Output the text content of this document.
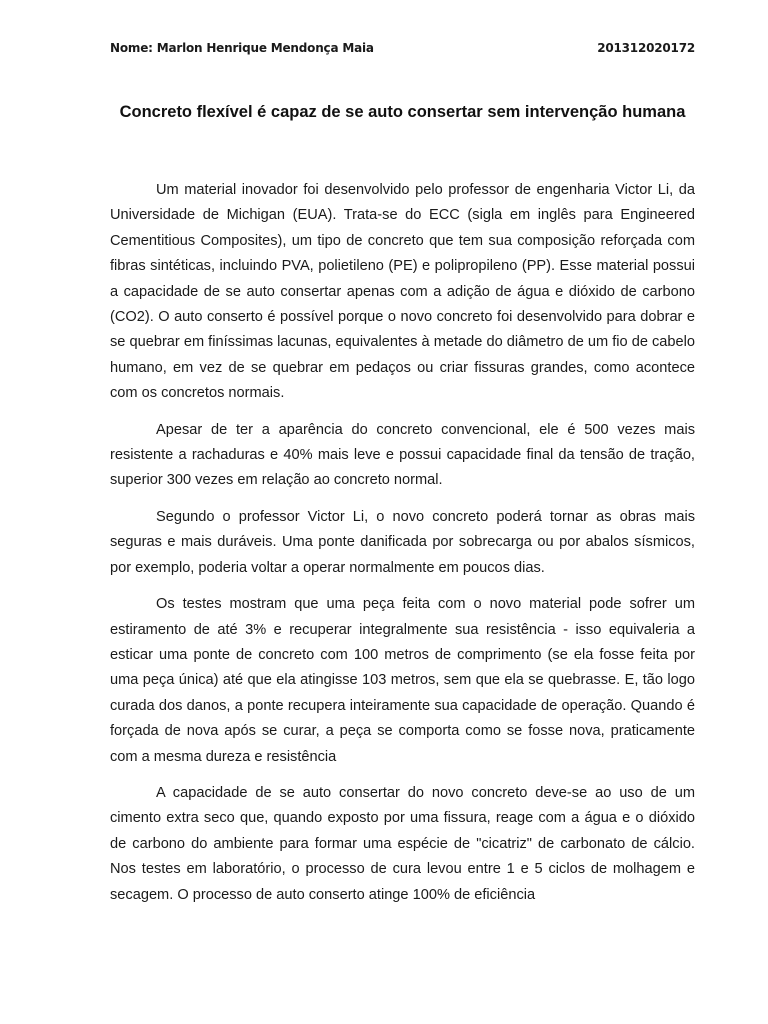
Nome: Marlon Henrique Mendonça Maia	201312020172
Concreto flexível é capaz de se auto consertar sem intervenção humana

Um material inovador foi desenvolvido pelo professor de engenharia Victor Li, da Universidade de Michigan (EUA). Trata-se do ECC (sigla em inglês para Engineered Cementitious Composites), um tipo de concreto que tem sua composição reforçada com fibras sintéticas, incluindo PVA, polietileno (PE) e polipropileno (PP). Esse material possui a capacidade de se auto consertar apenas com a adição de água e dióxido de carbono (CO2). O auto conserto é possível porque o novo concreto foi desenvolvido para dobrar e se quebrar em finíssimas lacunas, equivalentes à metade do diâmetro de um fio de cabelo humano, em vez de se quebrar em pedaços ou criar fissuras grandes, como acontece com os concretos normais.

Apesar de ter a aparência do concreto convencional, ele é 500 vezes mais resistente a rachaduras e 40% mais leve e possui capacidade final da tensão de tração, superior 300 vezes em relação ao concreto normal.

Segundo o professor Victor Li, o novo concreto poderá tornar as obras mais seguras e mais duráveis. Uma ponte danificada por sobrecarga ou por abalos sísmicos, por exemplo, poderia voltar a operar normalmente em poucos dias.

Os testes mostram que uma peça feita com o novo material pode sofrer um estiramento de até 3% e recuperar integralmente sua resistência - isso equivaleria a esticar uma ponte de concreto com 100 metros de comprimento (se ela fosse feita por uma peça única) até que ela atingisse 103 metros, sem que ela se quebrasse. E, tão logo curada dos danos, a ponte recupera inteiramente sua capacidade de operação. Quando é forçada de nova após se curar, a peça se comporta como se fosse nova, praticamente com a mesma dureza e resistência

A capacidade de se auto consertar do novo concreto deve-se ao uso de um cimento extra seco que, quando exposto por uma fissura, reage com a água e o dióxido de carbono do ambiente para formar uma espécie de "cicatriz" de carbonato de cálcio. Nos testes em laboratório, o processo de cura levou entre 1 e 5 ciclos de molhagem e secagem. O processo de auto conserto atinge 100% de eficiência
